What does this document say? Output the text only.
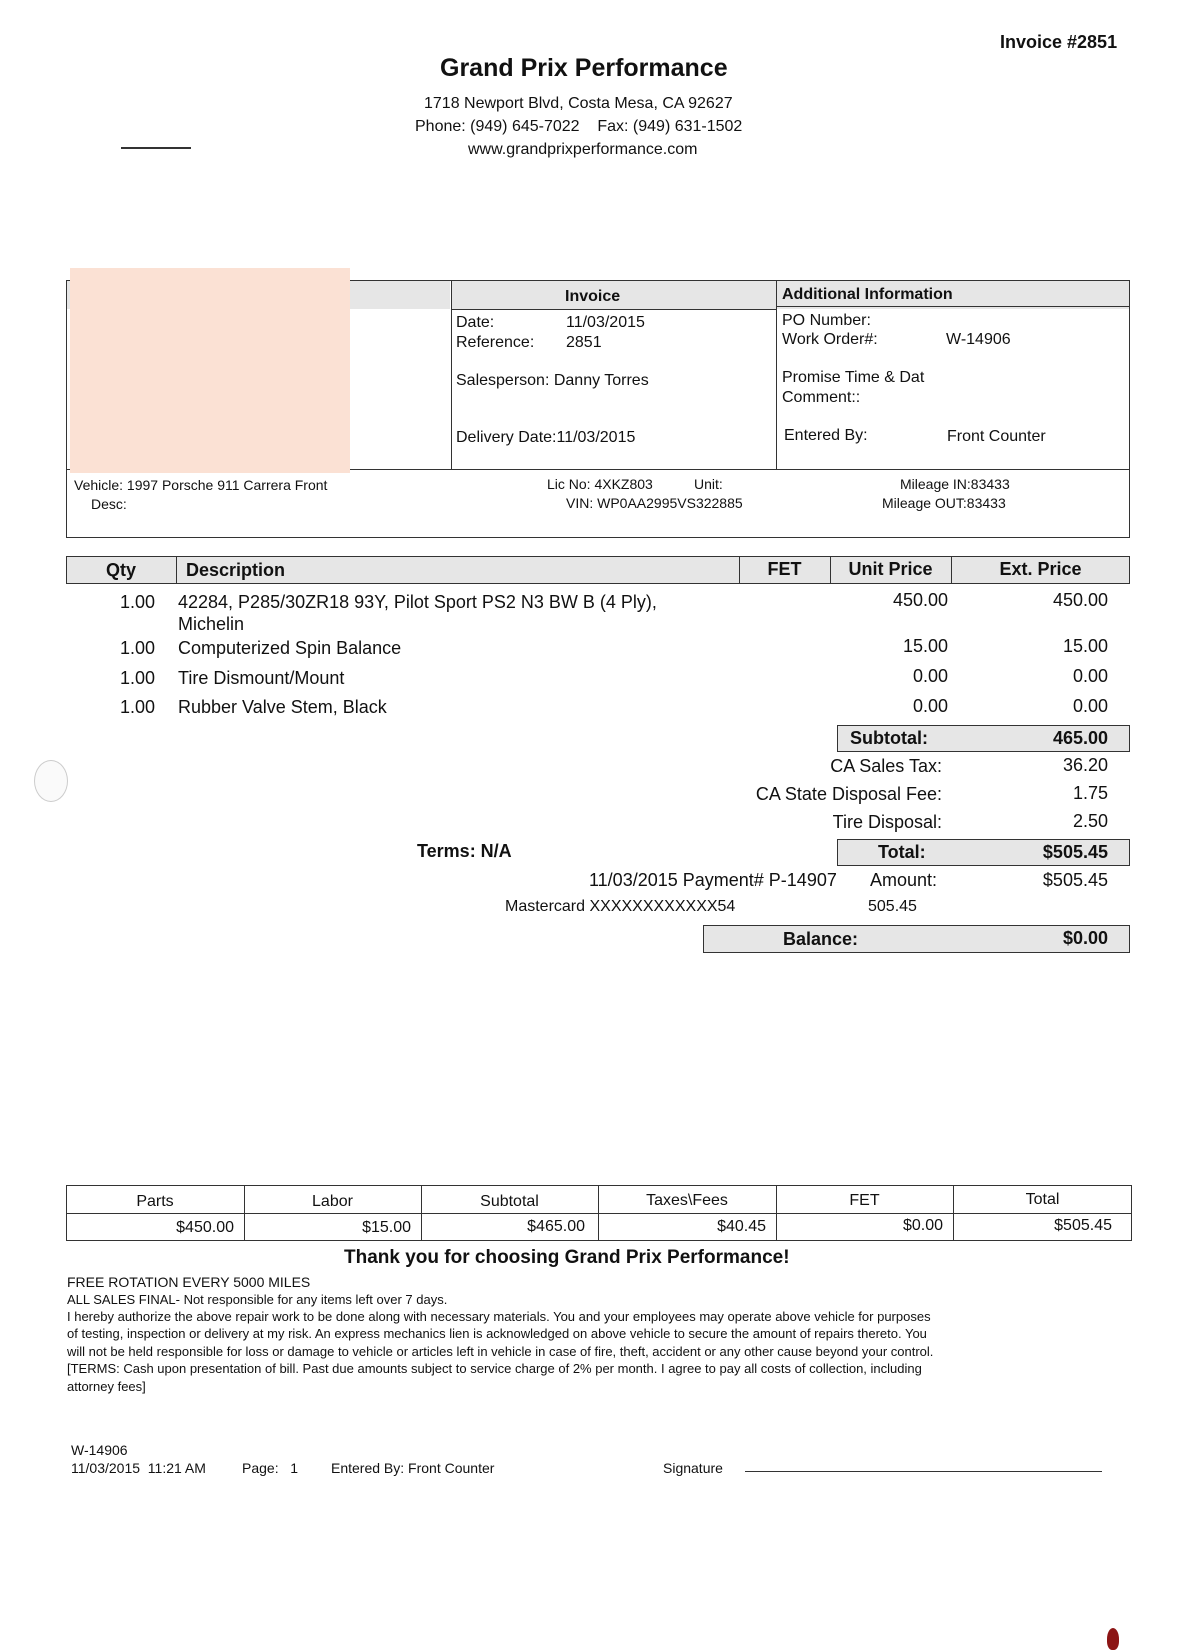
Invoice #2851
Grand Prix Performance
1718 Newport Blvd, Costa Mesa, CA 92627
Phone: (949) 645-7022    Fax: (949) 631-1502
www.grandprixperformance.com
Invoice
Date:	11/03/2015
Reference: 2851
Salesperson: Danny Torres
Delivery Date:11/03/2015
Additional Information
PO Number:
Work Order#:	W-14906
Promise Time & Dat
Comment::
Entered By:	Front Counter
Vehicle: 1997 Porsche 911 Carrera Front
Desc:
Lic No: 4XKZ803	Unit:
VIN: WP0AA2995VS322885
Mileage IN:83433
Mileage OUT:83433
Qty	Description	FET	Unit Price	Ext. Price
1.00 42284, P285/30ZR18 93Y, Pilot Sport PS2 N3 BW B (4 Ply),
Michelin
450.00	450.00
1.00 Computerized Spin Balance	15.00	15.00
1.00 Tire Dismount/Mount	0.00	0.00
1.00 Rubber Valve Stem, Black	0.00	0.00
Subtotal:	465.00
CA Sales Tax:	36.20
CA State Disposal Fee:	1.75
Tire Disposal:	2.50
Terms: N/A	Total:	$505.45
11/03/2015 Payment# P-14907 Amount:	$505.45
Mastercard XXXXXXXXXXXX54	505.45
Balance:	$0.00
Parts	Labor	Subtotal	Taxes\Fees	FET	Total
$450.00	$15.00	$465.00	$40.45	$0.00	$505.45
Thank you for choosing Grand Prix Performance!
FREE ROTATION EVERY 5000 MILES
ALL SALES FINAL- Not responsible for any items left over 7 days.
I hereby authorize the above repair work to be done along with necessary materials. You and your employees may operate above vehicle for purposes
of testing, inspection or delivery at my risk. An express mechanics lien is acknowledged on above vehicle to secure the amount of repairs thereto. You
will not be held responsible for loss or damage to vehicle or articles left in vehicle in case of fire, theft, accident or any other cause beyond your control.
[TERMS: Cash upon presentation of bill. Past due amounts subject to service charge of 2% per month. I agree to pay all costs of collection, including
attorney fees]
W-14906
11/03/2015  11:21 AM	Page:   1 Entered By: Front Counter	Signature
